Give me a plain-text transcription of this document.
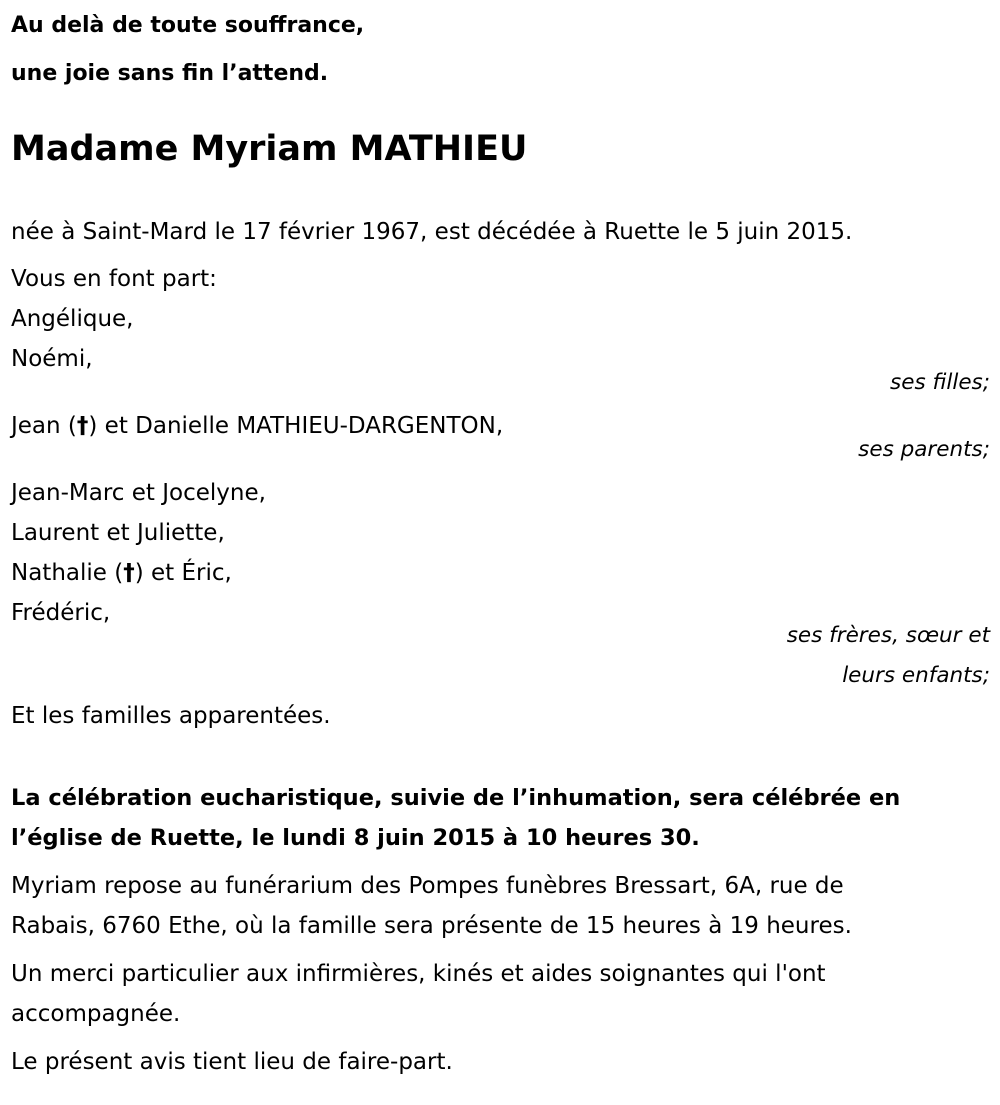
Au delà de toute souffrance,
une joie sans fin l’attend.
Madame Myriam MATHIEU
née à Saint-Mard le 17 février 1967, est décédée à Ruette le 5 juin 2015.
Vous en font part:
Angélique,
Noémi,
ses filles;
Jean (†) et Danielle MATHIEU-DARGENTON,
ses parents;
Jean-Marc et Jocelyne,
Laurent et Juliette,
Nathalie (†) et Éric,
Frédéric,
ses frères, sœur et
leurs enfants;
Et les familles apparentées.
La célébration eucharistique, suivie de l’inhumation, sera célébrée en
l’église de Ruette, le lundi 8 juin 2015 à 10 heures 30.
Myriam repose au funérarium des Pompes funèbres Bressart, 6A, rue de
Rabais, 6760 Ethe, où la famille sera présente de 15 heures à 19 heures.
Un merci particulier aux infirmières, kinés et aides soignantes qui l'ont
accompagnée.
Le présent avis tient lieu de faire-part.
